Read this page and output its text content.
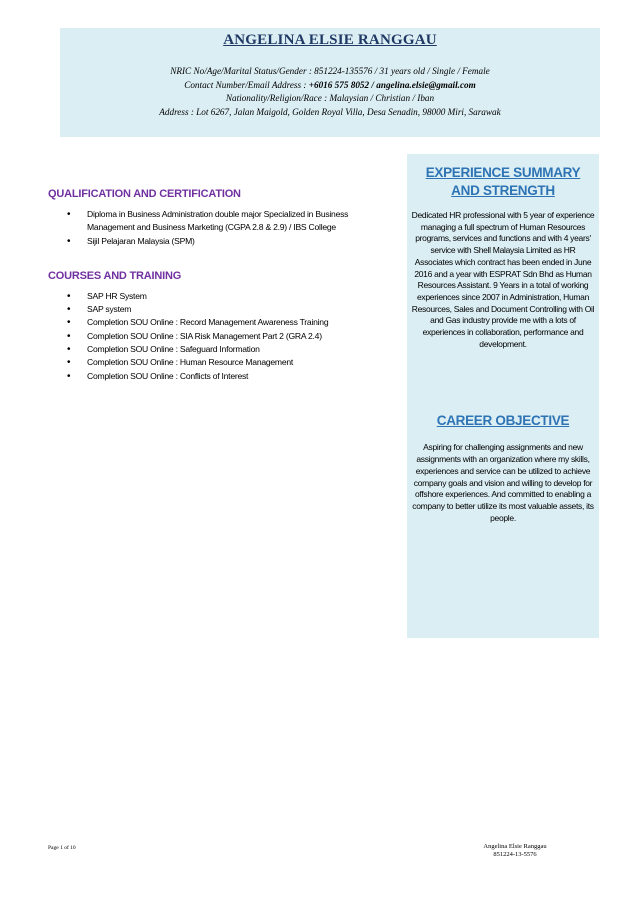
ANGELINA ELSIE RANGGAU
NRIC No/Age/Marital Status/Gender : 851224-135576 / 31 years old / Single / Female
Contact Number/Email Address : +6016 575 8052 / angelina.elsie@gmail.com
Nationality/Religion/Race : Malaysian / Christian / Iban
Address : Lot 6267, Jalan Maigold, Golden Royal Villa, Desa Senadin, 98000 Miri, Sarawak
QUALIFICATION AND CERTIFICATION
• Diploma in Business Administration double major Specialized in Business Management and Business Marketing (CGPA 2.8 & 2.9) / IBS College
• Sijil Pelajaran Malaysia (SPM)
COURSES AND TRAINING
• SAP HR System
• SAP system
• Completion SOU Online : Record Management Awareness Training
• Completion SOU Online : SIA Risk Management Part 2 (GRA 2.4)
• Completion SOU Online : Safeguard Information
• Completion SOU Online : Human Resource Management
• Completion SOU Online : Conflicts of Interest
EXPERIENCE SUMMARY
AND STRENGTH
Dedicated HR professional with 5 year of experience managing a full spectrum of Human Resources programs, services and functions and with 4 years' service with Shell Malaysia Limited as HR Associates which contract has been ended in June 2016 and a year with ESPRAT Sdn Bhd as Human Resources Assistant. 9 Years in a total of working experiences since 2007 in Administration, Human Resources, Sales and Document Controlling with Oil and Gas industry provide me with a lots of experiences in collaboration, performance and development.
CAREER OBJECTIVE
Aspiring for challenging assignments and new assignments with an organization where my skills, experiences and service can be utilized to achieve company goals and vision and willing to develop for offshore experiences. And committed to enabling a company to better utilize its most valuable assets, its people.
Page 1 of 10	Angelina Elsie Ranggau
851224-13-5576
